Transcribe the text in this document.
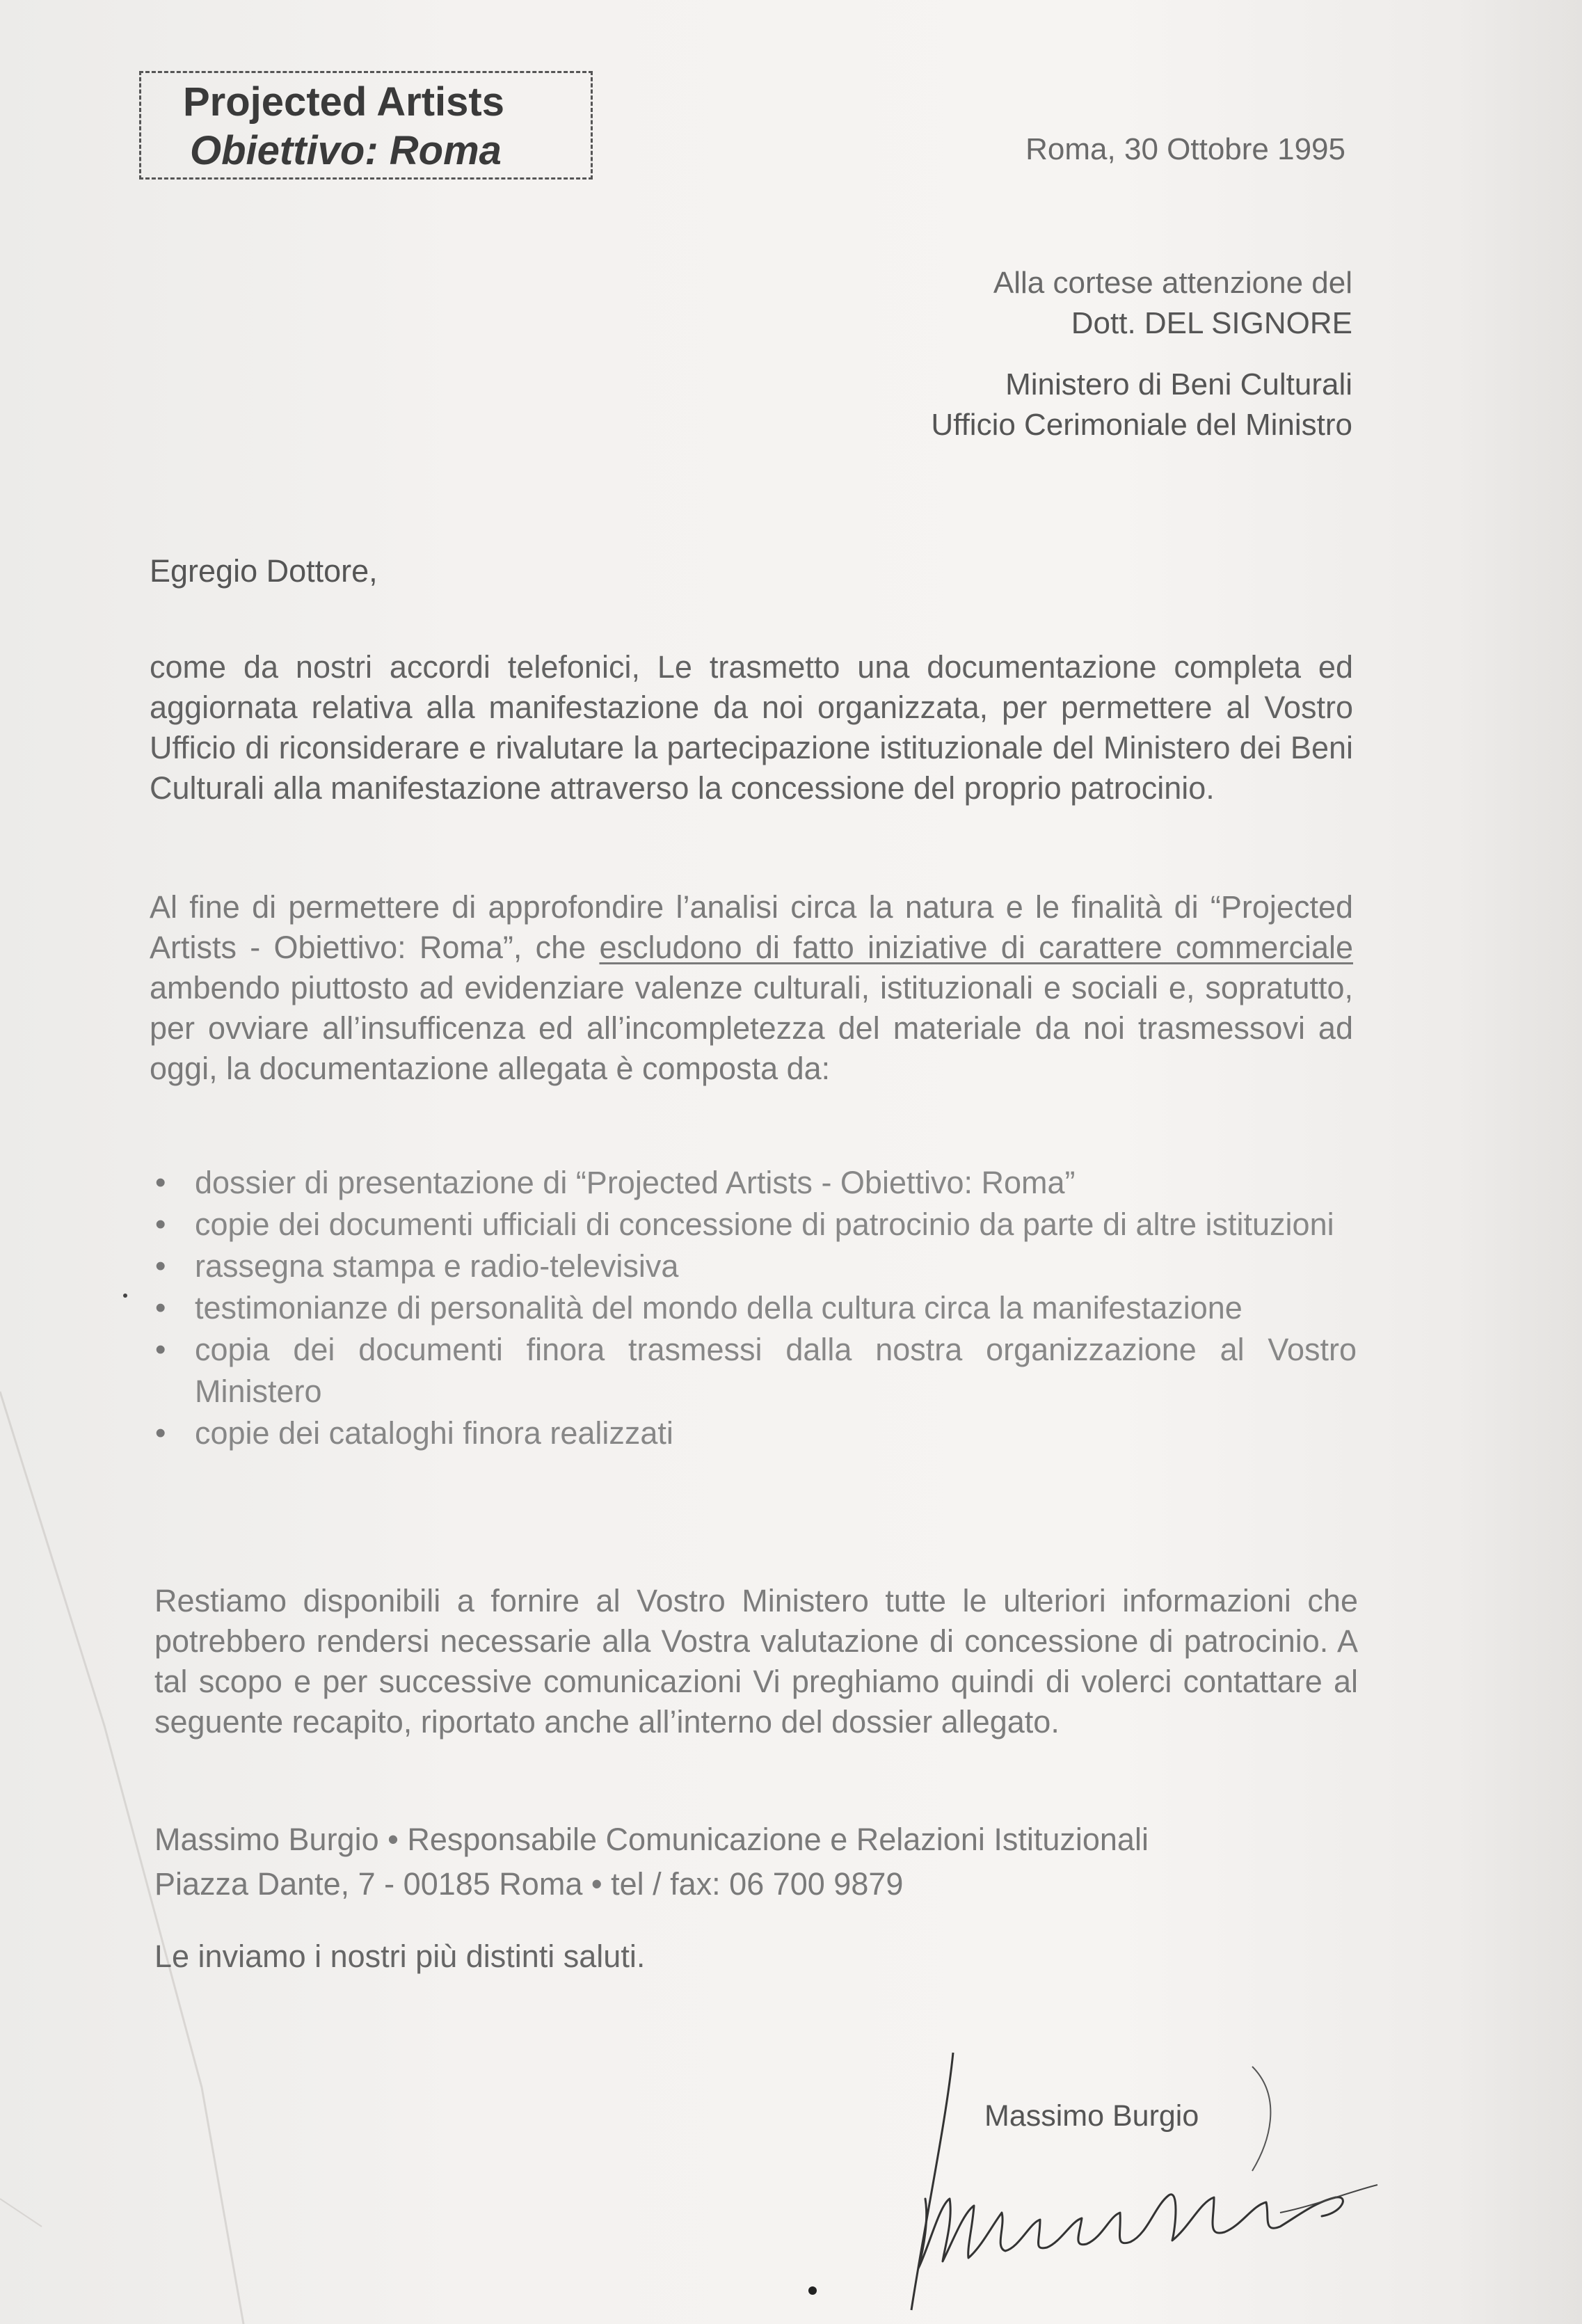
Projected Artists
Obiettivo: Roma	Roma, 30 Ottobre 1995
Alla cortese attenzione del
Dott. DEL SIGNORE
Ministero di Beni Culturali
Ufficio Cerimoniale del Ministro
Egregio Dottore,
come da nostri accordi telefonici, Le trasmetto una documentazione completa ed aggiornata relativa alla manifestazione da noi organizzata, per permettere al Vostro Ufficio di riconsiderare e rivalutare la partecipazione istituzionale del Ministero dei Beni Culturali alla manifestazione attraverso la concessione del proprio patrocinio.
Al fine di permettere di approfondire l’analisi circa la natura e le finalità di “Projected Artists - Obiettivo: Roma”, che escludono di fatto iniziative di carattere commerciale ambendo piuttosto ad evidenziare valenze culturali, istituzionali e sociali e, sopratutto, per ovviare all’insufficenza ed all’incompletezza del materiale da noi trasmessovi ad oggi, la documentazione allegata è composta da:
• dossier di presentazione di “Projected Artists - Obiettivo: Roma”
• copie dei documenti ufficiali di concessione di patrocinio da parte di altre istituzioni
• rassegna stampa e radio-televisiva
• testimonianze di personalità del mondo della cultura circa la manifestazione
• copia dei documenti finora trasmessi dalla nostra organizzazione al Vostro Ministero
• copie dei cataloghi finora realizzati
Restiamo disponibili a fornire al Vostro Ministero tutte le ulteriori informazioni che potrebbero rendersi necessarie alla Vostra valutazione di concessione di patrocinio. A tal scopo e per successive comunicazioni Vi preghiamo quindi di volerci contattare al seguente recapito, riportato anche all’interno del dossier allegato.
Massimo Burgio • Responsabile Comunicazione e Relazioni Istituzionali
Piazza Dante, 7 - 00185 Roma • tel / fax: 06 700 9879
Le inviamo i nostri più distinti saluti.
Massimo Burgio
